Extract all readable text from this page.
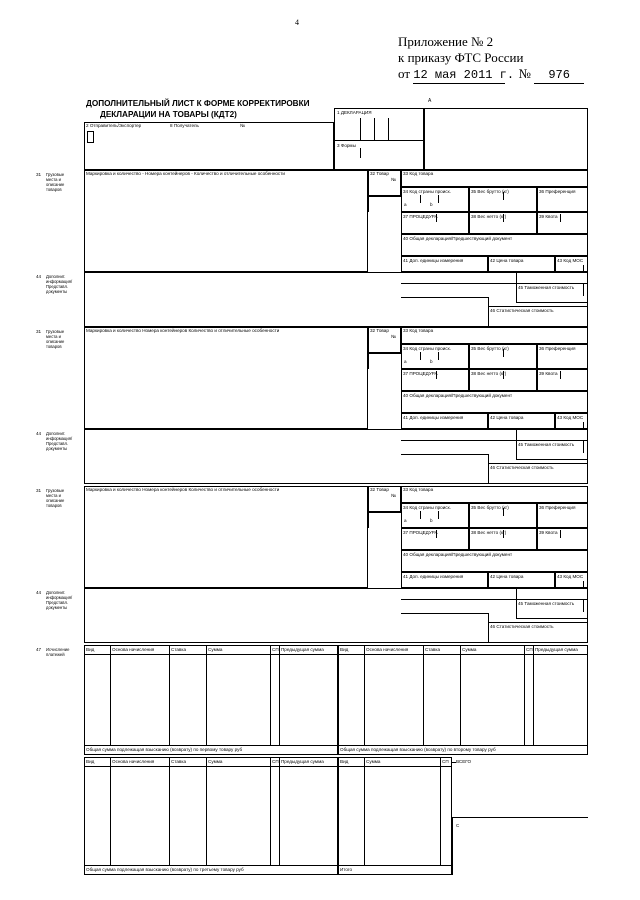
4
Приложение № 2
к приказу ФТС России
от 12 мая 2011 г. № 976
ДОПОЛНИТЕЛЬНЫЙ ЛИСТ К ФОРМЕ КОРРЕКТИРОВКИ
ДЕКЛАРАЦИИ НА ТОВАРЫ (КДТ2)
А
1 ДЕКЛАРАЦИЯ
3 Формы
2 Отправитель/Экспортер	8 Получатель	№
31	Маркировка и количество - Номера контейнеров - Количество и отличительные особенности	32 Товар
№
33 Код товара
34 Код страны происх.
a	b
35 Вес брутто (кг)	36 Преференция
37 ПРОЦЕДУРА	38 Вес нетто (кг)	39 Квота
40 Общая декларация/Предшествующий документ
41 Доп. единицы измерения	42 Цена товара	43 Код МОС
44
45 Таможенная стоимость
46 Статистическая стоимость
Грузовые места и описание товаров
Дополнит. информация/ Представл. документы
31	Маркировка и количество Номера контейнеров Количество и отличительные особенности	32 Товар
№
33 Код товара
34 Код страны происх.
a	b
35 Вес брутто (кг)	36 Преференция
37 ПРОЦЕДУРА	38 Вес нетто (кг)	39 Квота
40 Общая декларация/Предшествующий документ
41 Доп. единицы измерения	42 Цена товара	43 Код МОС
44
45 Таможенная стоимость
46 Статистическая стоимость
Грузовые места и описание товаров
Дополнит. информация/ Представл. документы
31	Маркировка и количество Номера контейнеров Количество и отличительные особенности	32 Товар
№
33 Код товара
34 Код страны происх.
a	b
35 Вес брутто (кг)	36 Преференция
37 ПРОЦЕДУРА	38 Вес нетто (кг)	39 Квота
40 Общая декларация/Предшествующий документ
41 Доп. единицы измерения	42 Цена товара	43 Код МОС
44
45 Таможенная стоимость
46 Статистическая стоимость
Грузовые места и описание товаров
Дополнит. информация/ Представл. документы
47 Исчисление платежей
Вид	Основа начисления	Ставка	Сумма	СП Предыдущая сумма
Общая сумма подлежащая взысканию (возврату) по первому товару руб
Вид	Основа начисления	Ставка	Сумма	СП Предыдущая сумма
Общая сумма подлежащая взысканию (возврату) по второму товару руб
Вид	Основа начисления	Ставка	Сумма	СП Предыдущая сумма
Общая сумма подлежащая взысканию (возврату) по третьему товару руб
Вид	Сумма	СП
Итого
ВСЕГО
С
